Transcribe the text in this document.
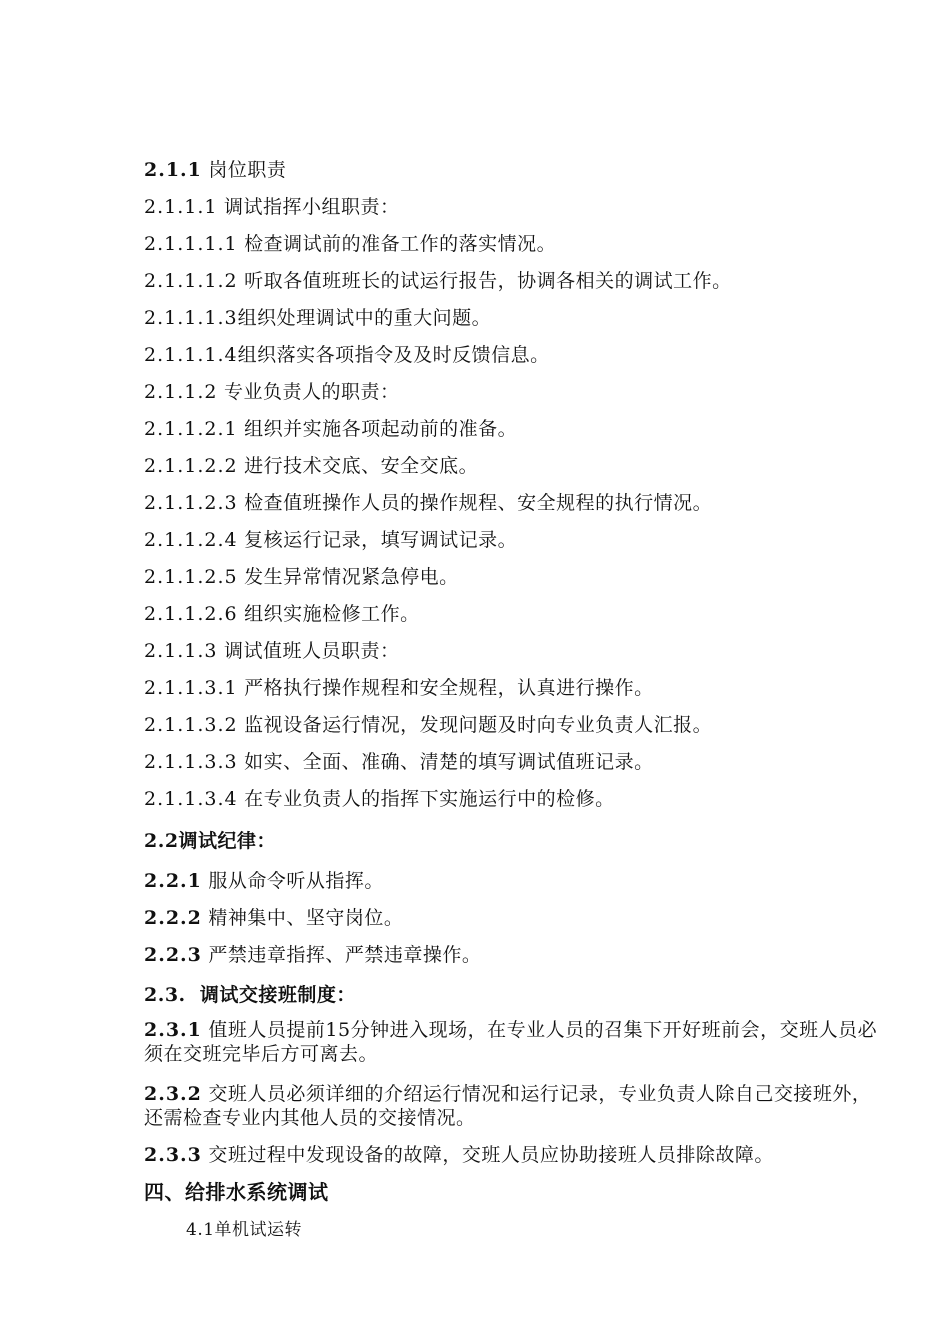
2.1.1 岗位职责
2.1.1.1 调试指挥小组职责：
2.1.1.1.1 检查调试前的准备工作的落实情况。
2.1.1.1.2 听取各值班班长的试运行报告，协调各相关的调试工作。
2.1.1.1.3组织处理调试中的重大问题。
2.1.1.1.4组织落实各项指令及及时反馈信息。
2.1.1.2 专业负责人的职责：
2.1.1.2.1 组织并实施各项起动前的准备。
2.1.1.2.2 进行技术交底、安全交底。
2.1.1.2.3 检查值班操作人员的操作规程、安全规程的执行情况。
2.1.1.2.4 复核运行记录，填写调试记录。
2.1.1.2.5 发生异常情况紧急停电。
2.1.1.2.6 组织实施检修工作。
2.1.1.3 调试值班人员职责：
2.1.1.3.1 严格执行操作规程和安全规程，认真进行操作。
2.1.1.3.2 监视设备运行情况，发现问题及时向专业负责人汇报。
2.1.1.3.3 如实、全面、准确、清楚的填写调试值班记录。
2.1.1.3.4 在专业负责人的指挥下实施运行中的检修。
2.2调试纪律：
2.2.1 服从命令听从指挥。
2.2.2 精神集中、坚守岗位。
2.2.3 严禁违章指挥、严禁违章操作。
2.3.  调试交接班制度：
2.3.1 值班人员提前15分钟进入现场，在专业人员的召集下开好班前会，交班人员必须在交班完毕后方可离去。
2.3.2 交班人员必须详细的介绍运行情况和运行记录，专业负责人除自己交接班外，还需检查专业内其他人员的交接情况。
2.3.3 交班过程中发现设备的故障，交班人员应协助接班人员排除故障。
四、给排水系统调试
4.1单机试运转
